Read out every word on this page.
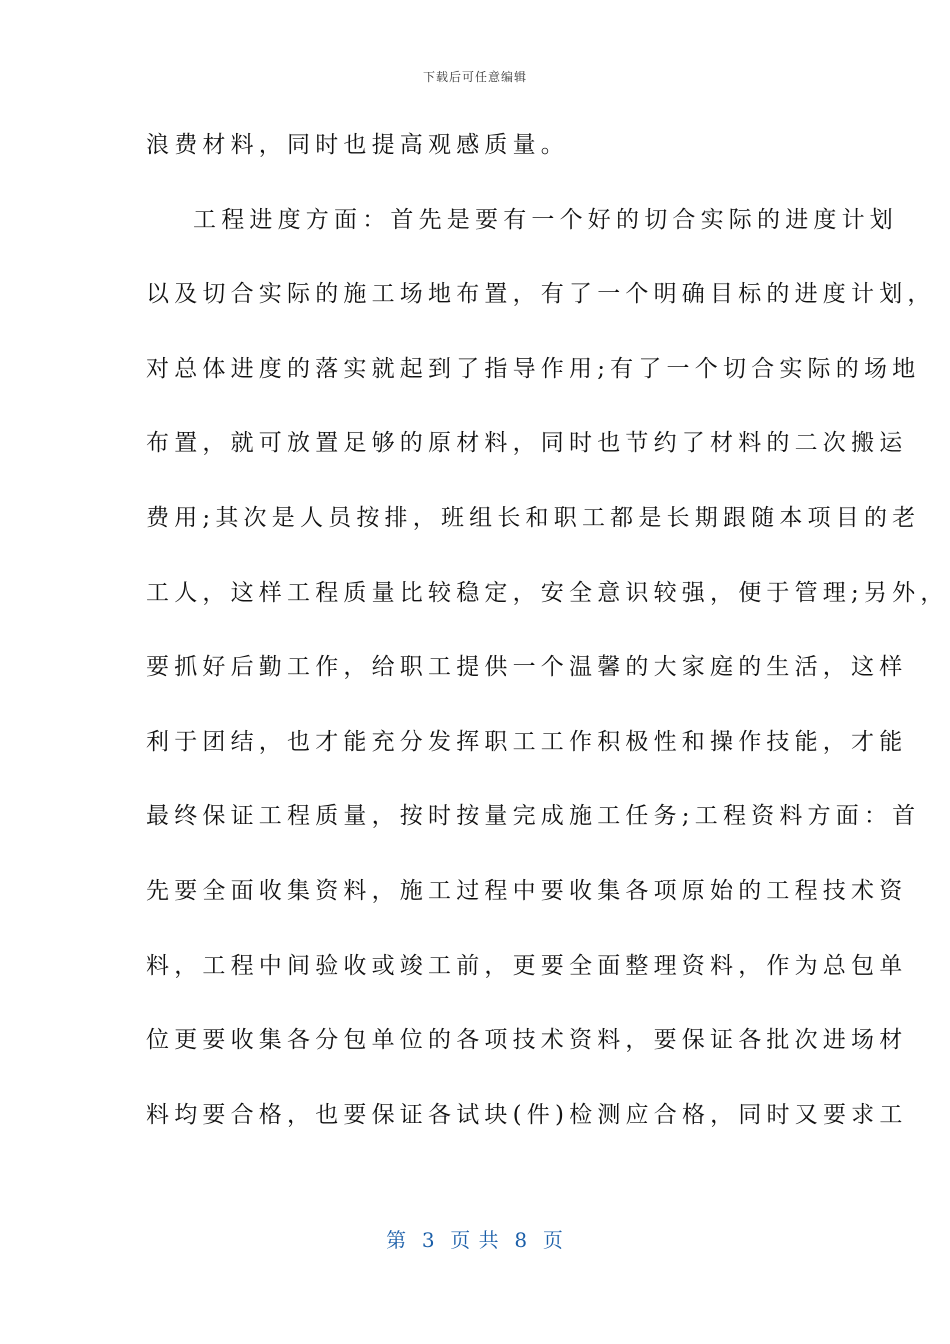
下载后可任意编辑
浪费材料，同时也提高观感质量。
工程进度方面：首先是要有一个好的切合实际的进度计划
以及切合实际的施工场地布置，有了一个明确目标的进度计划，
对总体进度的落实就起到了指导作用;有了一个切合实际的场地
布置，就可放置足够的原材料，同时也节约了材料的二次搬运
费用;其次是人员按排，班组长和职工都是长期跟随本项目的老
工人，这样工程质量比较稳定，安全意识较强，便于管理;另外，
要抓好后勤工作，给职工提供一个温馨的大家庭的生活，这样
利于团结，也才能充分发挥职工工作积极性和操作技能，才能
最终保证工程质量，按时按量完成施工任务;工程资料方面：首
先要全面收集资料，施工过程中要收集各项原始的工程技术资
料，工程中间验收或竣工前，更要全面整理资料，作为总包单
位更要收集各分包单位的各项技术资料，要保证各批次进场材
料均要合格，也要保证各试块(件)检测应合格，同时又要求工
第  3  页 共  8  页
